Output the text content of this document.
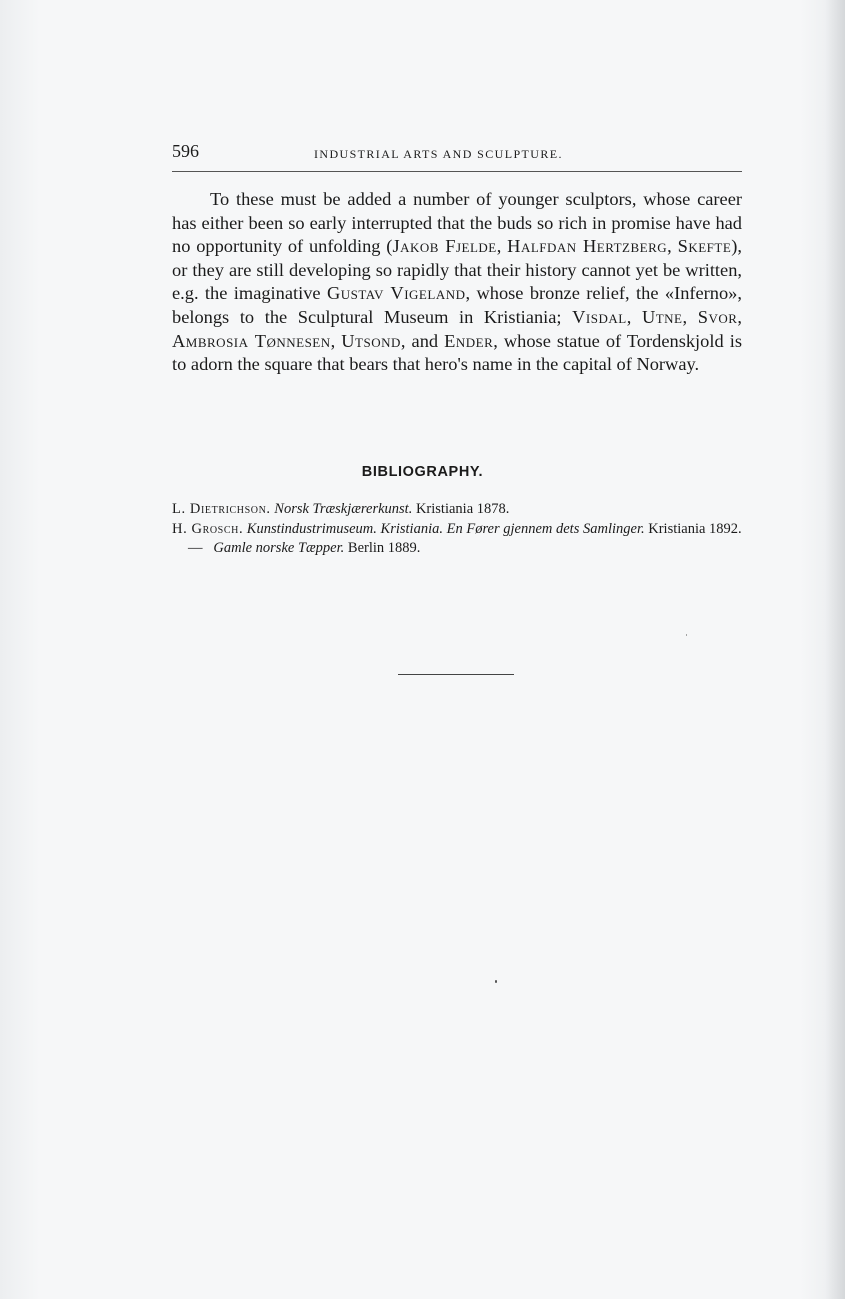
596	INDUSTRIAL ARTS AND SCULPTURE.

To these must be added a number of younger sculptors, whose career has either been so early interrupted that the buds so rich in promise have had no opportunity of unfolding (Jakob Fjelde, Halfdan Hertzberg, Skefte), or they are still developing so rapidly that their history cannot yet be written, e.g. the imaginative Gustav Vigeland, whose bronze relief, the «Inferno», belongs to the Sculptural Museum in Kristiania; Visdal, Utne, Svor, Ambrosia Tønnesen, Utsond, and Ender, whose statue of Tordenskjold is to adorn the square that bears that hero's name in the capital of Norway.

BIBLIOGRAPHY.
L. Dietrichson. Norsk Træskjærerkunst. Kristiania 1878.
H. Grosch. Kunstindustrimuseum. Kristiania. En Fører gjennem dets Samlinger. Kristiania 1892.
— Gamle norske Tæpper. Berlin 1889.
